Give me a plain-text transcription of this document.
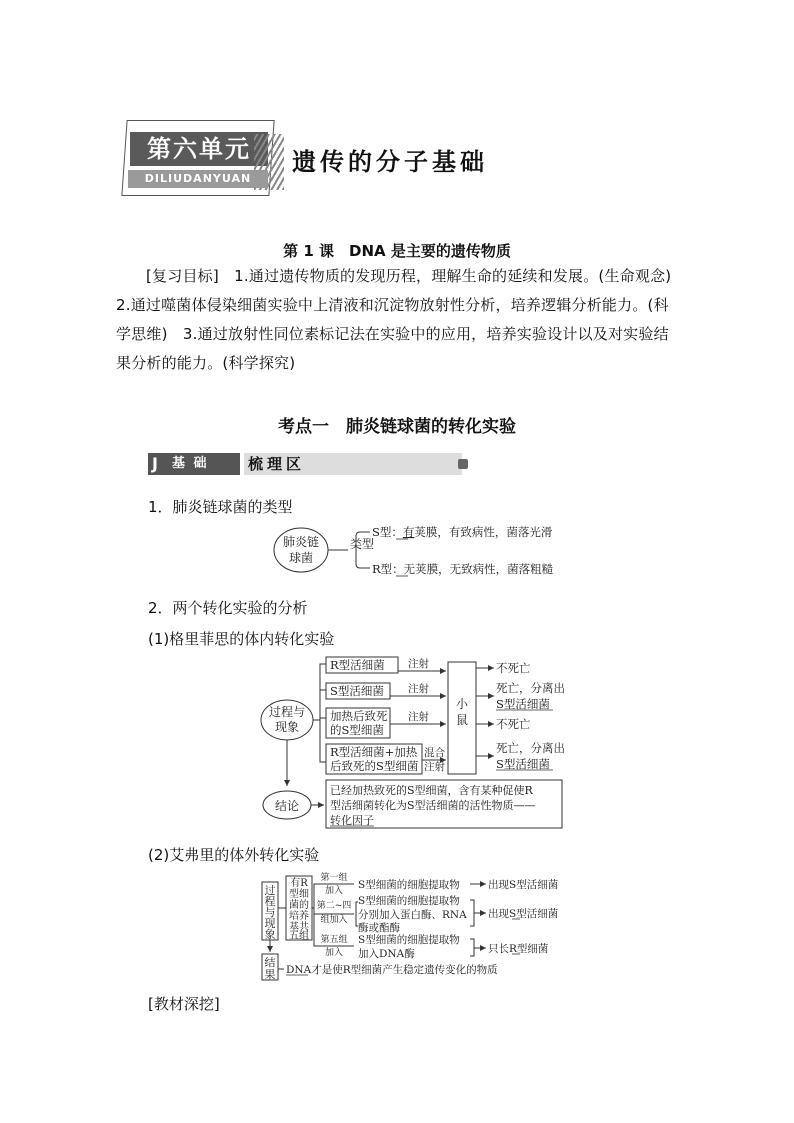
第六单元
DILIUDANYUAN
遗传的分子基础
第 1 课　DNA 是主要的遗传物质
[复习目标]　1.通过遗传物质的发现历程，理解生命的延续和发展。(生命观念)　2.通过噬菌体侵染细菌实验中上清液和沉淀物放射性分析，培养逻辑分析能力。(科学思维)　3.通过放射性同位素标记法在实验中的应用，培养实验设计以及对实验结果分析的能力。(科学探究)
考点一　肺炎链球菌的转化实验
J 基 础	梳理区
1．肺炎链球菌的类型
肺炎链
球菌
类型
S型：有荚膜，有致病性，菌落光滑
R型：无荚膜，无致病性，菌落粗糙
2．两个转化实验的分析
(1)格里菲思的体内转化实验
过程与
现象
R型活细菌
S型活细菌
加热后致死
的S型细菌
R型活细菌+加热
后致死的S型细菌
注射
注射
注射
混合
注射
小
鼠
不死亡
死亡，分离出
S型活细菌
不死亡
死亡，分离出
S型活细菌
结论
已经加热致死的S型细菌，含有某种促使R
型活细菌转化为S型活细菌的活性物质——
转化因子
(2)艾弗里的体外转化实验
过
程
与
现
象
结
果
有R
型细
菌的
培养
基共
五组
第一组
加入 S型细菌的细胞提取物	出现S型活细菌
第二~四
组加入
S型细菌的细胞提取物
分别加入蛋白酶、RNA
酶或酯酶
出现S型活细菌
第五组
加入
S型细菌的细胞提取物
加入DNA酶	只长R型细菌
DNA才是使R型细菌产生稳定遗传变化的物质
[教材深挖]
